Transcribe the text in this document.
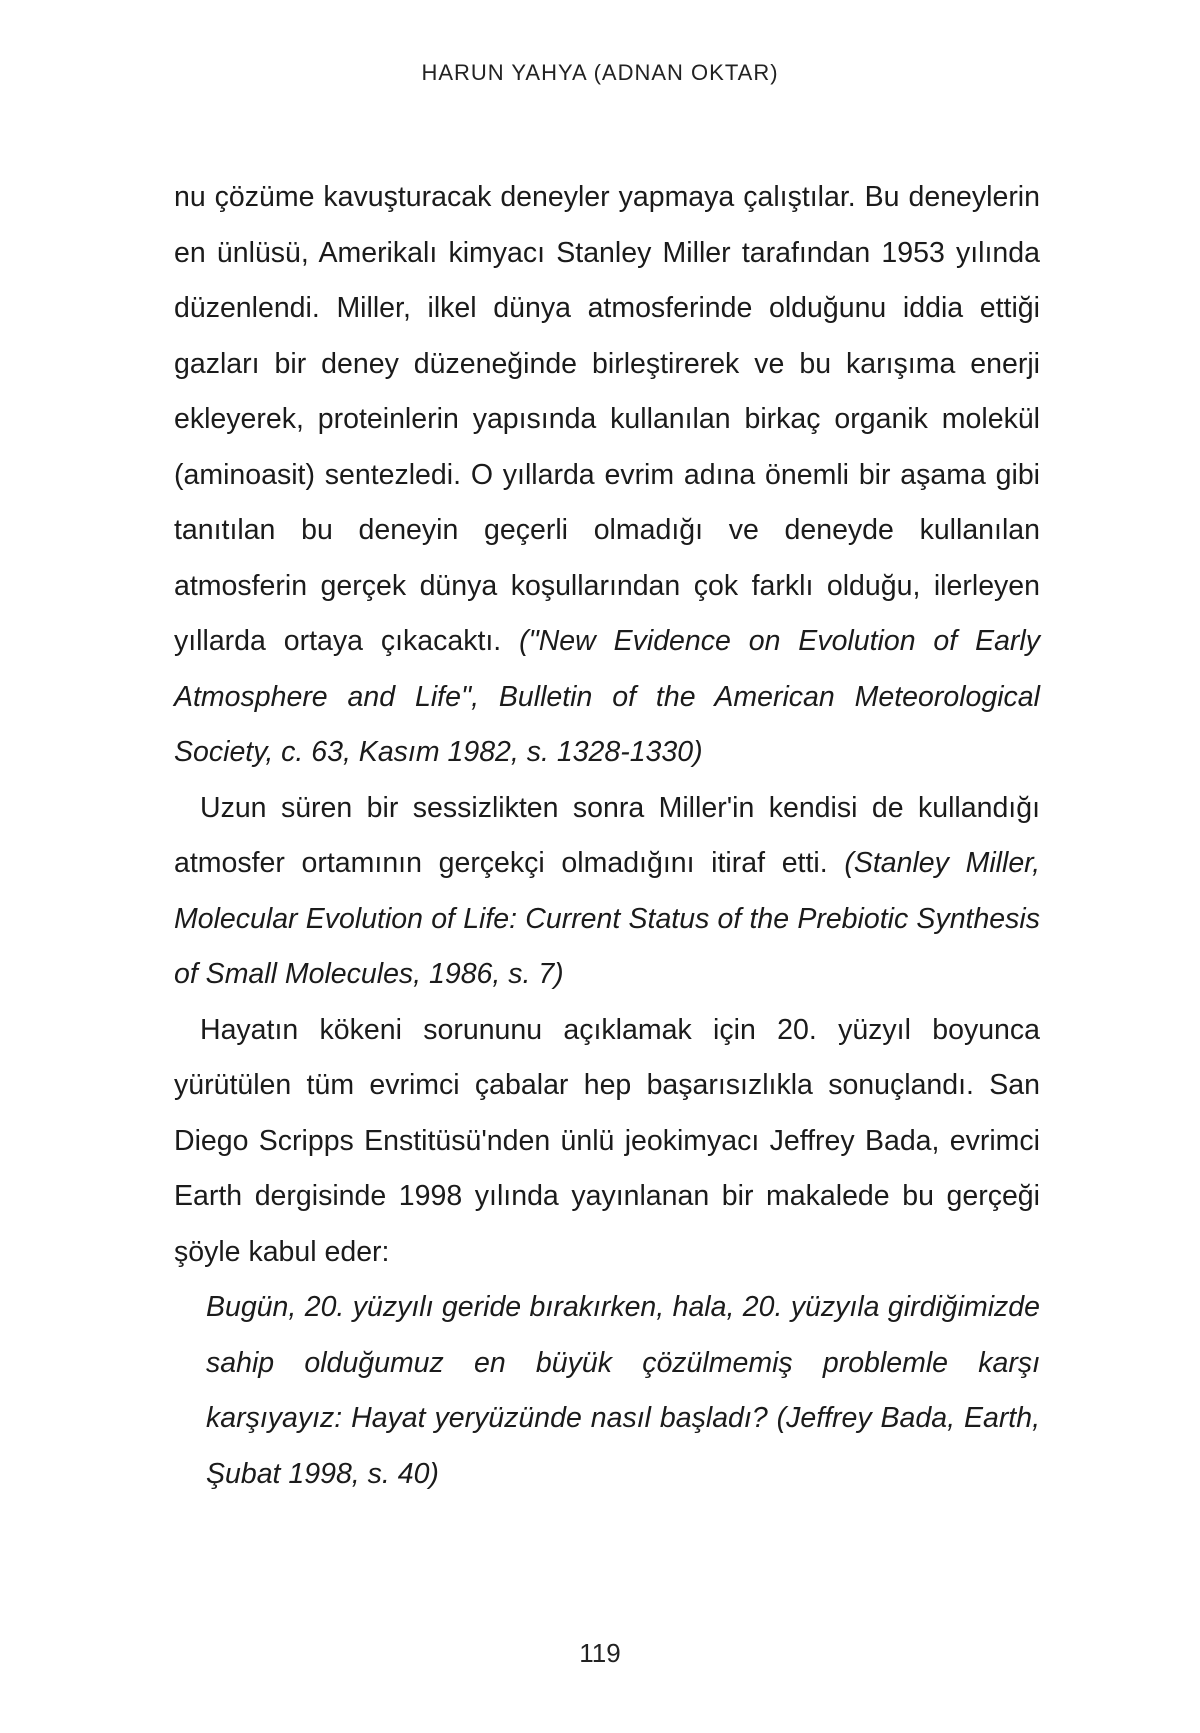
HARUN YAHYA (ADNAN OKTAR)

nu çözüme kavuşturacak deneyler yapmaya çalıştılar. Bu deneylerin en ünlüsü, Amerikalı kimyacı Stanley Miller tarafından 1953 yılında düzenlendi. Miller, ilkel dünya atmosferinde olduğunu iddia ettiği gazları bir deney düzeneğinde birleştirerek ve bu karışıma enerji ekleyerek, proteinlerin yapısında kullanılan birkaç organik molekül (aminoasit) sentezledi. O yıllarda evrim adına önemli bir aşama gibi tanıtılan bu deneyin geçerli olmadığı ve deneyde kullanılan atmosferin gerçek dünya koşullarından çok farklı olduğu, ilerleyen yıllarda ortaya çıkacaktı. ("New Evidence on Evolution of Early Atmosphere and Life", Bulletin of the American Meteorological Society, c. 63, Kasım 1982, s. 1328-1330)

Uzun süren bir sessizlikten sonra Miller'in kendisi de kullandığı atmosfer ortamının gerçekçi olmadığını itiraf etti. (Stanley Miller, Molecular Evolution of Life: Current Status of the Prebiotic Synthesis of Small Molecules, 1986, s. 7)

Hayatın kökeni sorununu açıklamak için 20. yüzyıl boyunca yürütülen tüm evrimci çabalar hep başarısızlıkla sonuçlandı. San Diego Scripps Enstitüsü'nden ünlü jeokimyacı Jeffrey Bada, evrimci Earth dergisinde 1998 yılında yayınlanan bir makalede bu gerçeği şöyle kabul eder:

Bugün, 20. yüzyılı geride bırakırken, hala, 20. yüzyıla girdiğimizde sahip olduğumuz en büyük çözülmemiş problemle karşı karşıyayız: Hayat yeryüzünde nasıl başladı? (Jeffrey Bada, Earth, Şubat 1998, s. 40)

119
